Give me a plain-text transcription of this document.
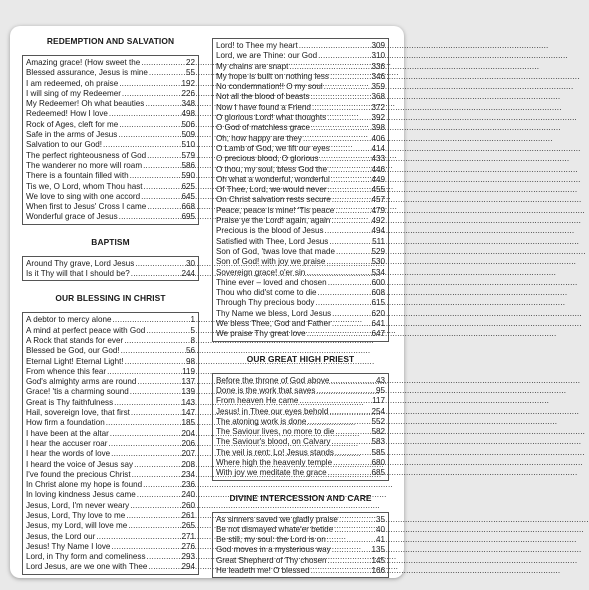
REDEMPTION AND SALVATION
Amazing grace! (How sweet the .....	22
Blessed assurance, Jesus is mine .....	55
I am redeemed, oh praise .....	192
I will sing of my Redeemer .....	226
My Redeemer! Oh what beauties .....	348
Redeemed! How I love .....	498
Rock of Ages, cleft for me .....	506
Safe in the arms of Jesus .....	509
Salvation to our God! .....	510
The perfect righteousness of God .....	579
The wanderer no more will roam .....	586
There is a fountain filled with .....	590
Tis we, O Lord, whom Thou hast .....	625
We love to sing with one accord .....	645
When first to Jesus' Cross I came .....	668
Wonderful grace of Jesus .....	695
BAPTISM
Around Thy grave, Lord Jesus .....	30
Is it Thy will that I should be? .....	244
OUR BLESSING IN CHRIST
A debtor to mercy alone .....	1
A mind at perfect peace with God .....	5
A Rock that stands for ever .....	8
Blessed be God, our God! .....	56
Eternal Light! Eternal Light! .....	98
From whence this fear .....	119
God's almighty arms are round .....	137
Grace! 'tis a charming sound .....	139
Great is Thy faithfulness .....	143
Hail, sovereign love, that first .....	147
How firm a foundation .....	185
I have been at the altar .....	204
I hear the accuser roar .....	206
I hear the words of love .....	207
I heard the voice of Jesus say .....	208
I've found the precious Christ .....	234
In Christ alone my hope is found .....	236
In loving kindness Jesus came .....	240
Jesus, Lord, I'm never weary .....	260
Jesus, Lord, Thy love to me .....	261
Jesus, my Lord, will love me .....	265
Jesus, the Lord our .....	271
Jesus! Thy Name I love .....	276
Lord, in Thy form and comeliness .....	293
Lord Jesus, are we one with Thee .....	294
Lord! to Thee my heart .....	309
Lord, we are Thine: our God .....	310
My chains are snapt .....	336
My hope is built on nothing less .....	346
No condemnation!! O my soul .....	359
Not all the blood of beasts .....	368
Now I have found a Friend .....	372
O glorious Lord! what thoughts .....	392
O God of matchless grace .....	398
Oh, how happy are they .....	406
O Lamb of God, we lift our eyes .....	414
O precious blood, O glorious .....	433
O thou, my soul, bless God the .....	446
Oh what a wonderful, wonderful .....	449
Of Thee, Lord, we would never .....	455
On Christ salvation rests secure .....	457
Peace, peace is mine! 'Tis peace .....	479
Praise ye the Lord! again, again .....	492
Precious is the blood of Jesus .....	494
Satisfied with Thee, Lord Jesus .....	511
Son of God, 'twas love that made .....	529
Son of God! with joy we praise .....	530
Sovereign grace! o'er sin .....	534
Thine ever – loved and chosen .....	600
Thou who did'st come to die .....	608
Through Thy precious body .....	615
Thy Name we bless, Lord Jesus .....	620
We bless Thee, God and Father .....	641
We praise Thy great love .....	647
OUR GREAT HIGH PRIEST
Before the throne of God above .....	43
Done is the work that saves .....	95
From heaven He came .....	117
Jesus! in Thee our eyes behold .....	254
The atoning work is done .....	552
The Saviour lives, no more to die .....	582
The Saviour's blood, on Calvary .....	583
The veil is rent: Lo! Jesus stands .....	585
Where high the heavenly temple .....	680
With joy we meditate the grace .....	685
DIVINE INTERCESSION AND CARE
As sinners saved we gladly praise .....	35
Be not dismayed whate'er betide .....	40
Be still, my soul: the Lord is on .....	41
God moves in a mysterious way .....	135
Great Shepherd of Thy chosen .....	145
He leadeth me! O blessed .....	166
